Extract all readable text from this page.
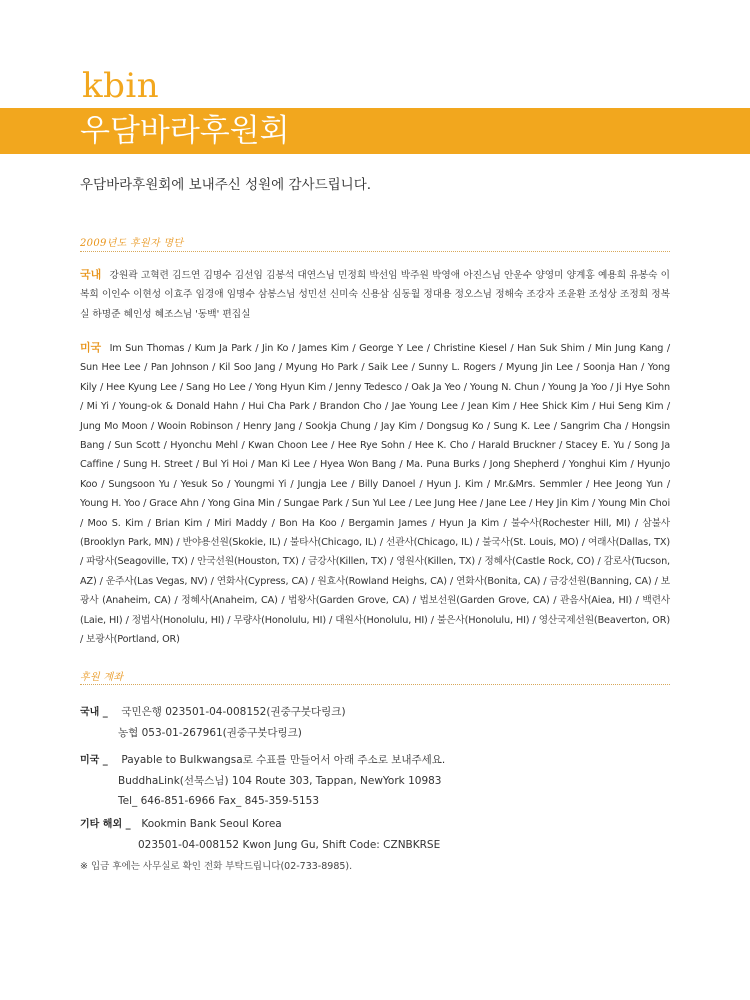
kbin
우담바라후원회
우담바라후원회에 보내주신 성원에 감사드립니다.
2009년도 후원자 명단
국내 강원곽 고혁련 김드연 김명수 김선임 김봉석 대연스님 민정희 박선임 박주원 박영애 아진스님 안운수 양영미 양계홍 예용희 유봉숙 이복희 이인수 이현성 이효주 임경애 임명수 삼봉스님 성민선 신미숙 신용삼 심동월 정대용 정오스님 정해숙 조강자 조윤환 조성상 조정희 정복실 하명준 혜인성 혜조스님 '동백' 편집실
미국 Im Sun Thomas / Kum Ja Park / Jin Ko / James Kim / George Y Lee / Christine Kiesel / Han Suk Shim / Min Jung Kang / Sun Hee Lee / Pan Johnson / Kil Soo Jang / Myung Ho Park / Saik Lee / Sunny L. Rogers / Myung Jin Lee / Soonja Han / Yong Kily / Hee Kyung Lee / Sang Ho Lee / Yong Hyun Kim / Jenny Tedesco / Oak Ja Yeo / Young N. Chun / Young Ja Yoo / Ji Hye Sohn / Mi Yi / Young-ok & Donald Hahn / Hui Cha Park / Brandon Cho / Jae Young Lee / Jean Kim / Hee Shick Kim / Hui Seng Kim / Jung Mo Moon / Wooin Robinson / Henry Jang / Sookja Chung / Jay Kim / Dongsug Ko / Sung K. Lee / Sangrim Cha / Hongsin Bang / Sun Scott / Hyonchu Mehl / Kwan Choon Lee / Hee Rye Sohn / Hee K. Cho / Harald Bruckner / Stacey E. Yu / Song Ja Caffine / Sung H. Street / Bul Yi Hoi / Man Ki Lee / Hyea Won Bang / Ma. Puna Burks / Jong Shepherd / Yonghui Kim / Hyunjo Koo / Sungsoon Yu / Yesuk So / Youngmi Yi / Jungja Lee / Billy Danoel / Hyun J. Kim / Mr.&Mrs. Semmler / Hee Jeong Yun / Young H. Yoo / Grace Ahn / Yong Gina Min / Sungae Park / Sun Yul Lee / Lee Jung Hee / Jane Lee / Hey Jin Kim / Young Min Choi / Moo S. Kim / Brian Kim / Miri Maddy / Bon Ha Koo / Bergamin James / Hyun Ja Kim / 불수사(Rochester Hill, MI) / 삼불사(Brooklyn Park, MN) / 반야용선원(Skokie, IL) / 불타사(Chicago, IL) / 선관사(Chicago, IL) / 불국사(St. Louis, MO) / 여래사(Dallas, TX) / 파랑사(Seagoville, TX) / 안국선원(Houston, TX) / 금강사(Killen, TX) / 영원사(Killen, TX) / 정혜사(Castle Rock, CO) / 감로사(Tucson, AZ) / 운주사(Las Vegas, NV) / 연화사(Cypress, CA) / 원효사(Rowland Heighs, CA) / 연화사(Bonita, CA) / 금강선원(Banning, CA) / 보광사 (Anaheim, CA) / 정혜사(Anaheim, CA) / 법왕사(Garden Grove, CA) / 법보선원(Garden Grove, CA) / 관음사(Aiea, HI) / 백련사(Laie, HI) / 정법사(Honolulu, HI) / 무량사(Honolulu, HI) / 대원사(Honolulu, HI) / 불은사(Honolulu, HI) / 영산국제선원(Beaverton, OR) / 보광사(Portland, OR)
후원 계좌
국내 _ 국민은행 023501-04-008152(권중구붓다링크)
농협 053-01-267961(권중구붓다링크)
미국 _ Payable to Bulkwangsa로 수표를 만들어서 아래 주소로 보내주세요.
BuddhaLink(선묵스님) 104 Route 303, Tappan, NewYork 10983
Tel_ 646-851-6966 Fax_ 845-359-5153
기타 해외 _ Kookmin Bank Seoul Korea
023501-04-008152 Kwon Jung Gu, Shift Code: CZNBKRSE
※ 입금 후에는 사무실로 확인 전화 부탁드립니다(02-733-8985).
